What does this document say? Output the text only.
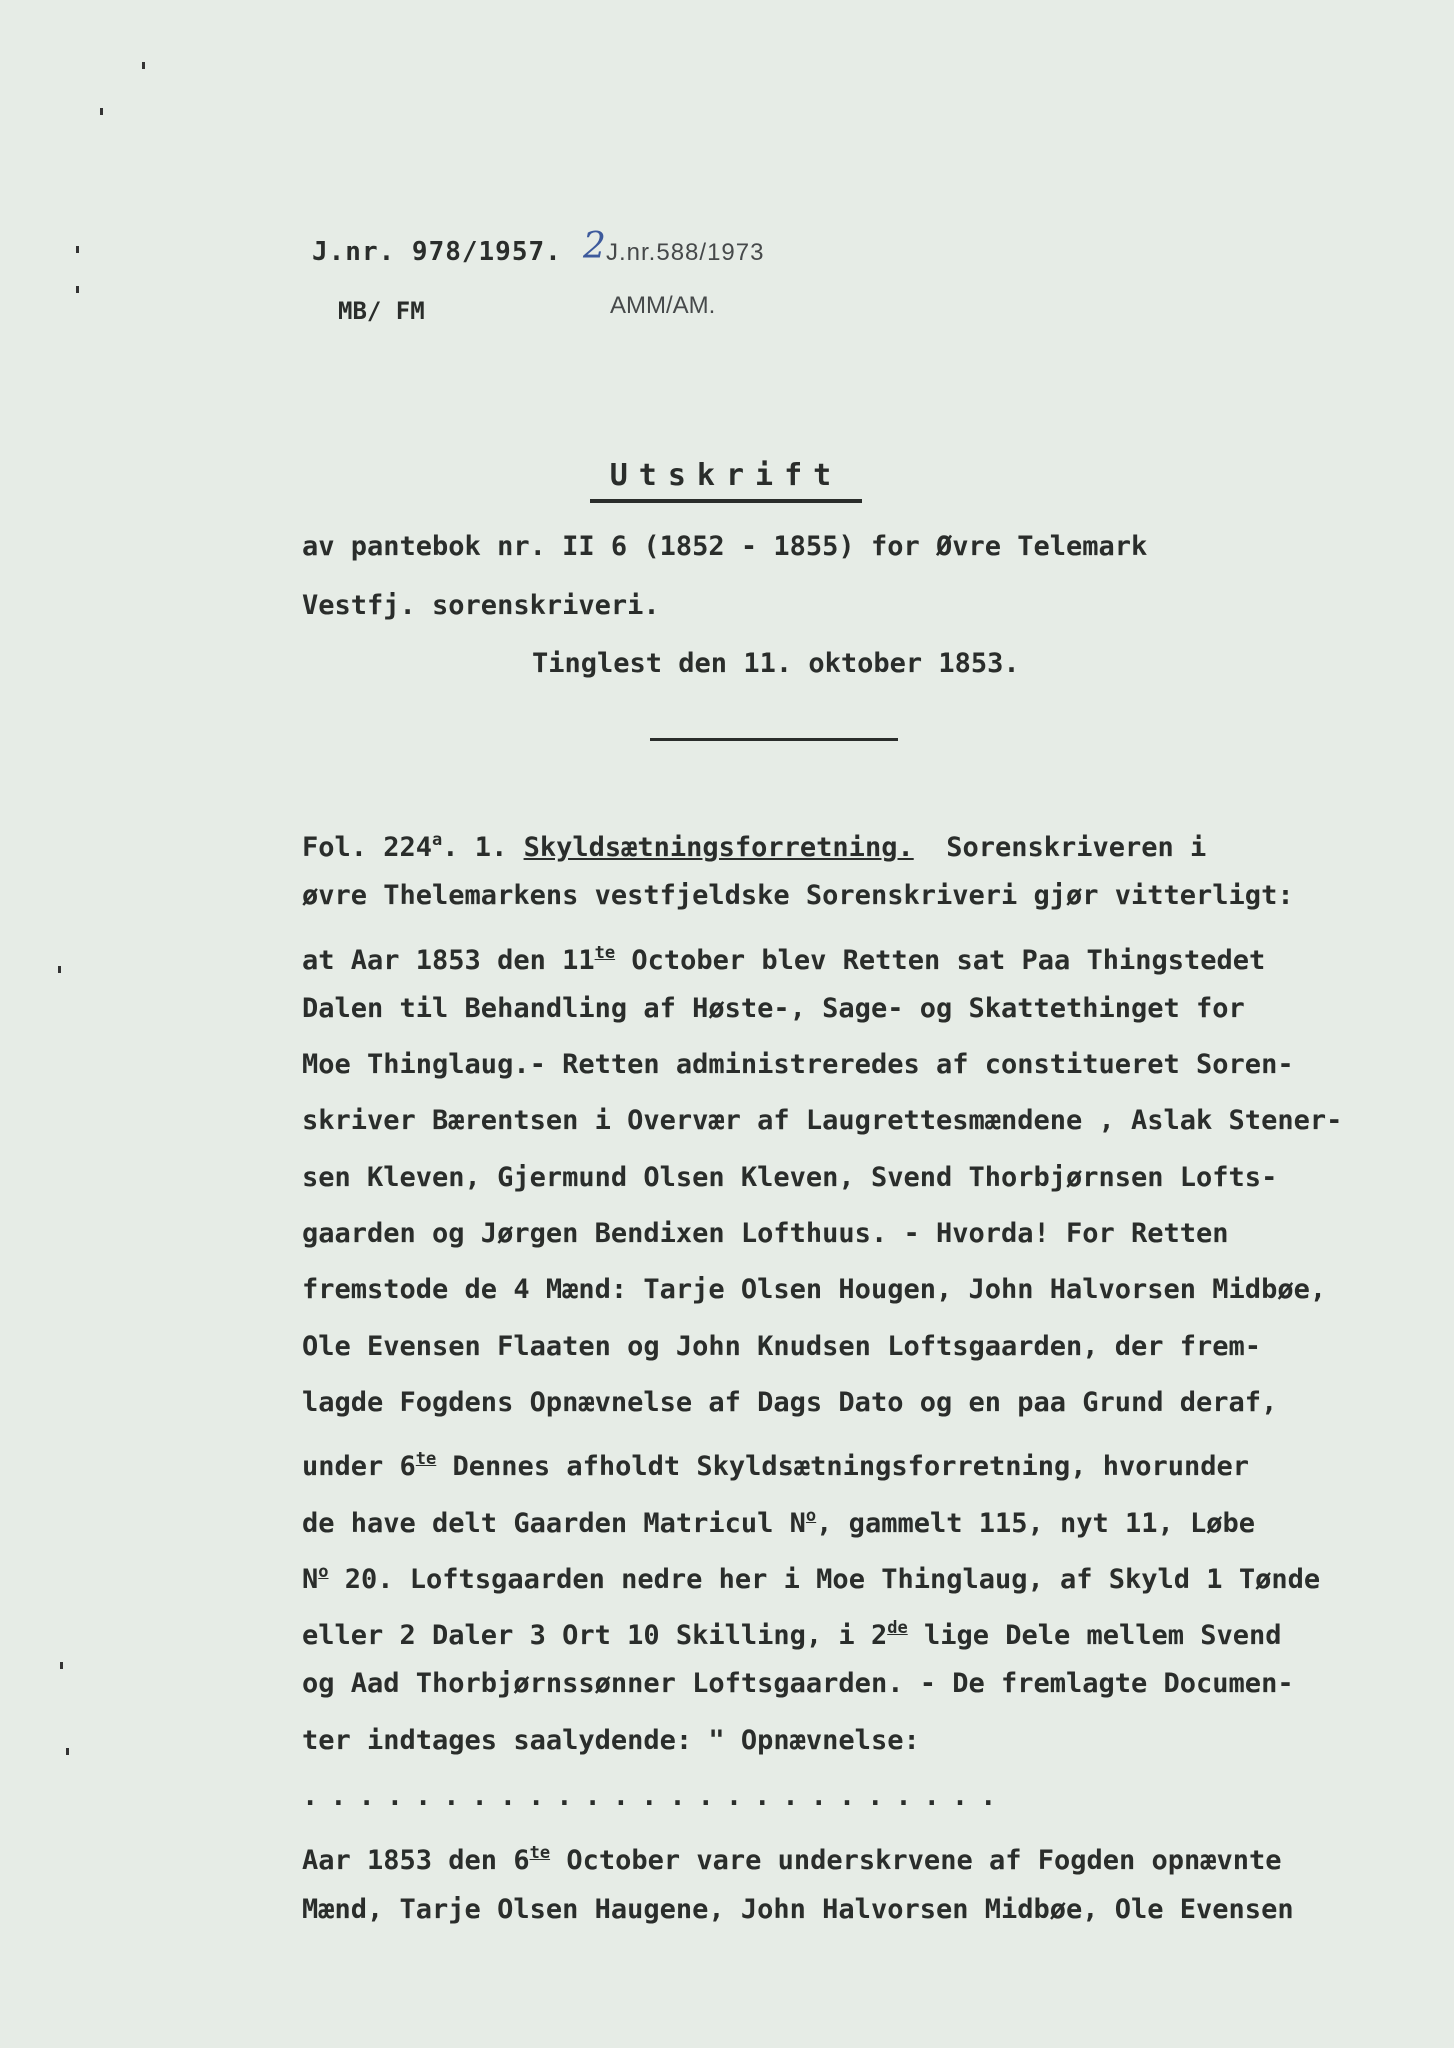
J.nr. 978/1957. 2 J.nr.588/1973
MB/ FM	AMM/AM.
Utskrift
av pantebok nr. II 6 (1852 - 1855) for Øvre Telemark
Vestfj. sorenskriveri.
Tinglest den 11. oktober 1853.
Fol. 224$^a$. 1. Skyldsætningsforretning.  Sorenskriveren i
øvre Thelemarkens vestfjeldske Sorenskriveri gjør vitterligt:
at Aar 1853 den $11^{te}$ October blev Retten sat Paa Thingstedet
Dalen til Behandling af Høste-, Sage- og Skattethinget for
Moe Thinglaug.- Retten administreredes af constitueret Soren-
skriver Bærentsen i Overvær af Laugrettesmændene , Aslak Stener-
sen Kleven, Gjermund Olsen Kleven, Svend Thorbjørnsen Lofts-
gaarden og Jørgen Bendixen Lofthuus. - Hvorda! For Retten
fremstode de 4 Mænd: Tarje Olsen Hougen, John Halvorsen Midbøe,
Ole Evensen Flaaten og John Knudsen Loftsgaarden, der frem-
lagde Fogdens Opnævnelse af Dags Dato og en paa Grund deraf,
under $6^{te}$ Dennes afholdt Skyldsætningsforretning, hvorunder
de have delt Gaarden Matricul $N^o$, gammelt 115, nyt 11, Løbe
$N^o$ 20. Loftsgaarden nedre her i Moe Thinglaug, af Skyld 1 Tønde
eller 2 Daler 3 Ort 10 Skilling, i 2de lige Dele mellem Svend
og Aad Thorbjørnssønner Loftsgaarden. - De fremlagte Documen-
ter indtages saalydende: " Opnævnelse:
.........................
Aar 1853 den $6^{te}$ October vare underskrvene af Fogden opnævnte
Mænd, Tarje Olsen Haugene, John Halvorsen Midbøe, Ole Evensen
